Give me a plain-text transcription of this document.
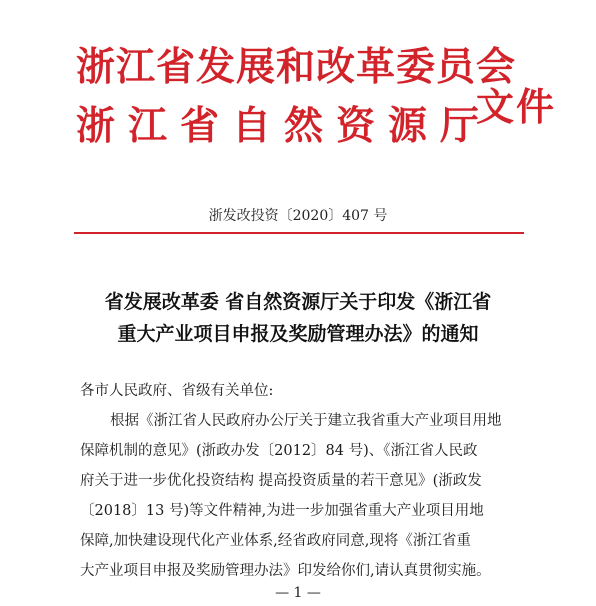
浙江省发展和改革委员会
浙江省自然资源厅
文件
浙发改投资〔2020〕407 号
省发展改革委 省自然资源厅关于印发《浙江省
重大产业项目申报及奖励管理办法》的通知
各市人民政府、省级有关单位:
根据《浙江省人民政府办公厅关于建立我省重大产业项目用地
保障机制的意见》(浙政办发〔2012〕84 号)、《浙江省人民政
府关于进一步优化投资结构 提高投资质量的若干意见》(浙政发
〔2018〕13 号)等文件精神,为进一步加强省重大产业项目用地
保障,加快建设现代化产业体系,经省政府同意,现将《浙江省重
大产业项目申报及奖励管理办法》印发给你们,请认真贯彻实施。
— 1 —
